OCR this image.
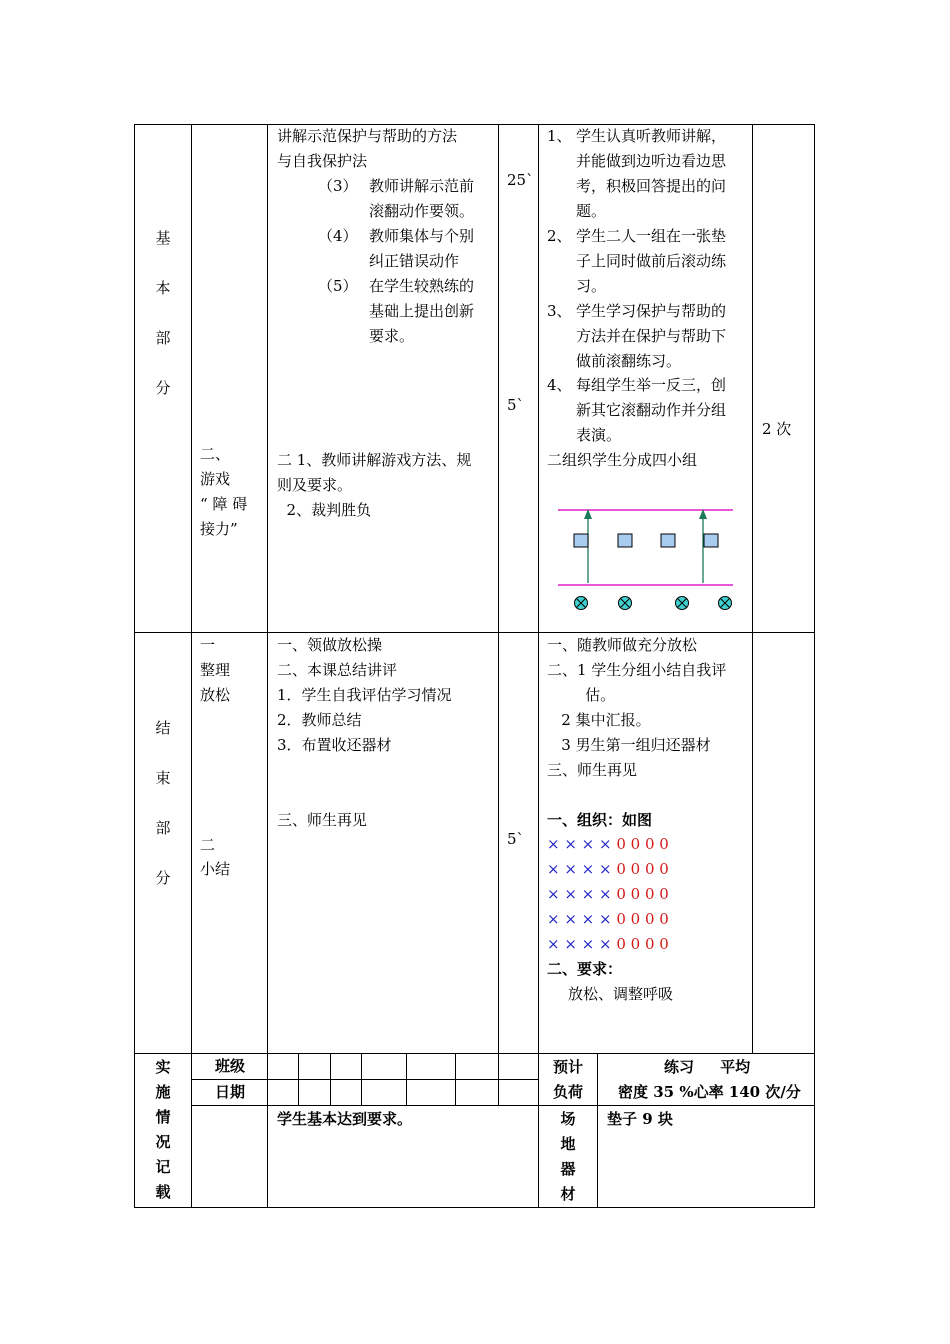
基
本
部
分
二、
游戏
“ 障 碍
接力”
讲解示范保护与帮助的方法
与自我保护法
（3） 教师讲解示范前
滚翻动作要领。
（4） 教师集体与个别
纠正错误动作
（5） 在学生较熟练的
基础上提出创新
要求。
二 1、教师讲解游戏方法、规
则及要求。
2、裁判胜负
25`
5`
1、 学生认真听教师讲解，
并能做到边听边看边思
考，积极回答提出的问
题。
2、 学生二人一组在一张垫
子上同时做前后滚动练
习。
3、 学生学习保护与帮助的
方法并在保护与帮助下
做前滚翻练习。
4、 每组学生举一反三，创
新其它滚翻动作并分组
表演。
二组织学生分成四小组
2 次
结
束
部
分
一
整理
放松
二
小结
一、领做放松操
二、本课总结讲评
1．学生自我评估学习情况
2．教师总结
3．布置收还器材
三、师生再见
5`
一、随教师做充分放松
二、1 学生分组小结自我评
估。
2 集中汇报。
3 男生第一组归还器材
三、师生再见
一、组织：如图
× × × × 0 0 0 0
× × × × 0 0 0 0
× × × × 0 0 0 0
× × × × 0 0 0 0
× × × × 0 0 0 0
二、要求：
放松、调整呼吸
实
施
情
况
记
载
班级
日期
预计
负荷
练习     平均
密度 35 %心率 140 次/分
学生基本达到要求。	场
地
器
材
垫子 9 块
